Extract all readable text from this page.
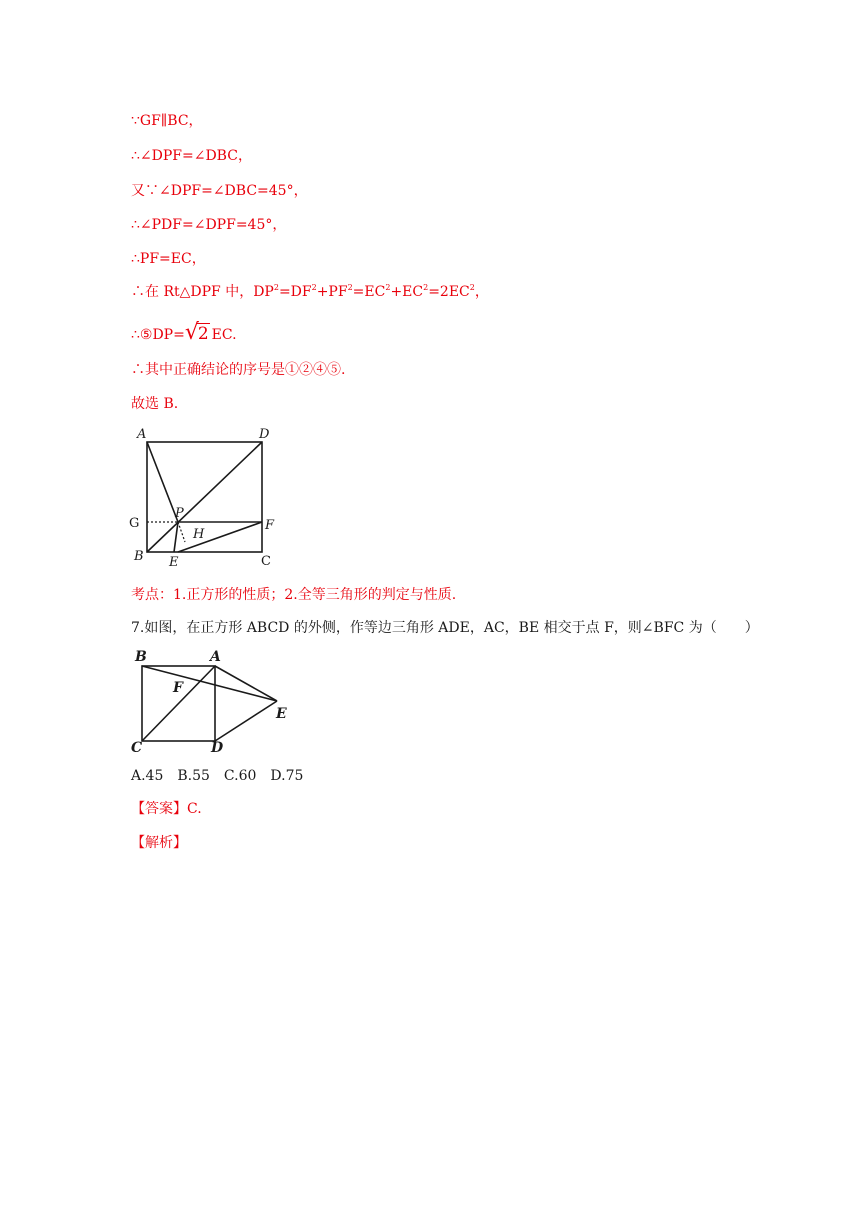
∵GF∥BC，
∴∠DPF=∠DBC，
又∵∠DPF=∠DBC=45°，
∴∠PDF=∠DPF=45°，
∴PF=EC，
∴在 Rt△DPF 中，$DP^2=DF^2+PF^2=EC^2+EC^2=2EC^2$，
∴⑤DP= √
2 EC.
∴其中正确结论的序号是①②④⑤.
故选 B.
A	D
G
P
F
H
B E	C
考点：1.正方形的性质；2.全等三角形的判定与性质.
7.如图，在正方形 ABCD 的外侧，作等边三角形 ADE，AC，BE 相交于点 F，则∠BFC 为（　　）
B	A
F
E
C	D
A.45　B.55　C.60　D.75
【答案】C.
【解析】
